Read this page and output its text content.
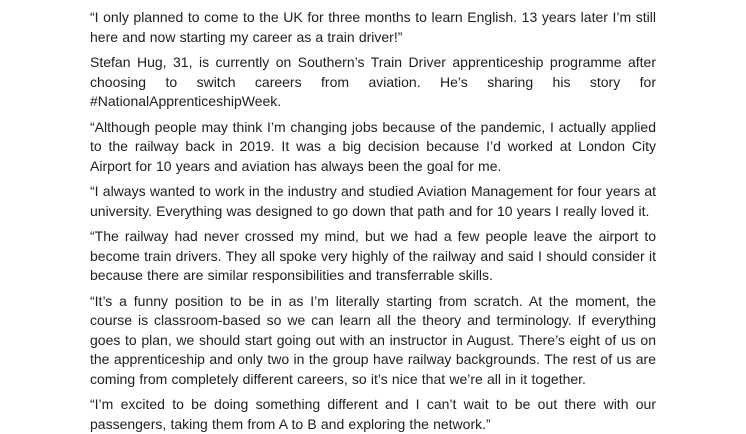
“I only planned to come to the UK for three months to learn English. 13 years later I’m still here and now starting my career as a train driver!”

Stefan Hug, 31, is currently on Southern’s Train Driver apprenticeship programme after choosing to switch careers from aviation. He’s sharing his story for #NationalApprenticeshipWeek.

“Although people may think I’m changing jobs because of the pandemic, I actually applied to the railway back in 2019. It was a big decision because I’d worked at London City Airport for 10 years and aviation has always been the goal for me.

“I always wanted to work in the industry and studied Aviation Management for four years at university. Everything was designed to go down that path and for 10 years I really loved it.

“The railway had never crossed my mind, but we had a few people leave the airport to become train drivers. They all spoke very highly of the railway and said I should consider it because there are similar responsibilities and transferrable skills.

“It’s a funny position to be in as I’m literally starting from scratch. At the moment, the course is classroom-based so we can learn all the theory and terminology. If everything goes to plan, we should start going out with an instructor in August. There’s eight of us on the apprenticeship and only two in the group have railway backgrounds. The rest of us are coming from completely different careers, so it’s nice that we’re all in it together.

“I’m excited to be doing something different and I can’t wait to be out there with our passengers, taking them from A to B and exploring the network.”
